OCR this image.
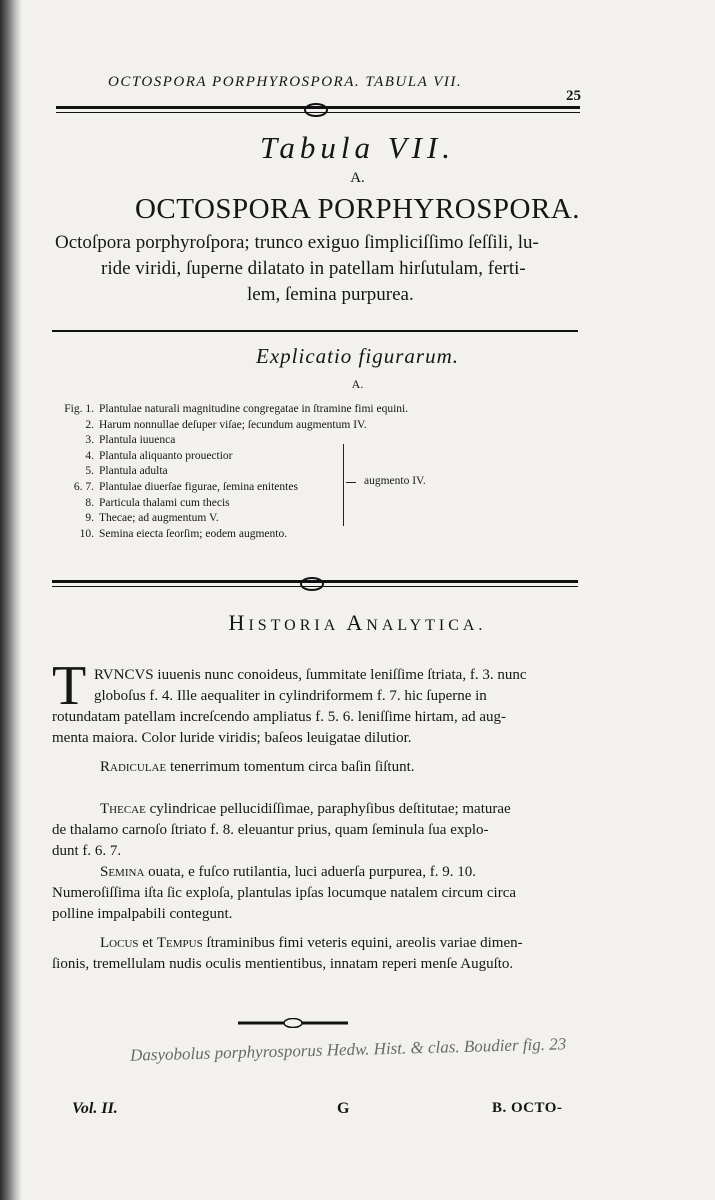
OCTOSPORA PORPHYROSPORA. TABULA VII.
25
Tabula VII.
A.
OCTOSPORA PORPHYROSPORA.
Octoſpora porphyroſpora; trunco exiguo ſimpliciſſimo ſeſſili, lu-
ride viridi, ſuperne dilatato in patellam hirſutulam, ferti-
lem, ſemina purpurea.
Explicatio figurarum.
A.
Fig. 1. Plantulae naturali magnitudine congregatae in ſtramine fimi equini.
2. Harum nonnullae deſuper viſae; ſecundum augmentum IV.
3. Plantula iuuenca
4. Plantula aliquanto prouectior
5. Plantula adulta
6. 7. Plantulae diuerſae figurae, ſemina enitentes
8. Particula thalami cum thecis
9. Thecae; ad augmentum V.
10. Semina eiecta ſeorſim; eodem augmento.
augmento IV.
HISTORIA ANALYTICA.
T RVNCVS iuuenis nunc conoideus, ſummitate leniſſime ſtriata, f. 3. nunc
globoſus f. 4. Ille aequaliter in cylindriformem f. 7. hic ſuperne in
rotundatam patellam increſcendo ampliatus f. 5. 6. leniſſime hirtam, ad aug-
menta maiora. Color luride viridis; baſeos leuigatae dilutior.
Radiculae tenerrimum tomentum circa baſin ſiſtunt.
Thecae cylindricae pellucidiſſimae, paraphyſibus deſtitutae; maturae
de thalamo carnoſo ſtriato f. 8. eleuantur prius, quam ſeminula ſua explo-
dunt f. 6. 7.
Semina ouata, e fuſco rutilantia, luci aduerſa purpurea, f. 9. 10.
Numeroſiſſima iſta ſic exploſa, plantulas ipſas locumque natalem circum circa
polline impalpabili contegunt.
Locus et Tempus ſtraminibus fimi veteris equini, areolis variae dimen-
ſionis, tremellulam nudis oculis mentientibus, innatam reperi menſe Auguſto.
Dasyobolus porphyrosporus Hedw. Hist. & clas. Boudier fig. 23
Vol. II.	G	B. OCTO-
